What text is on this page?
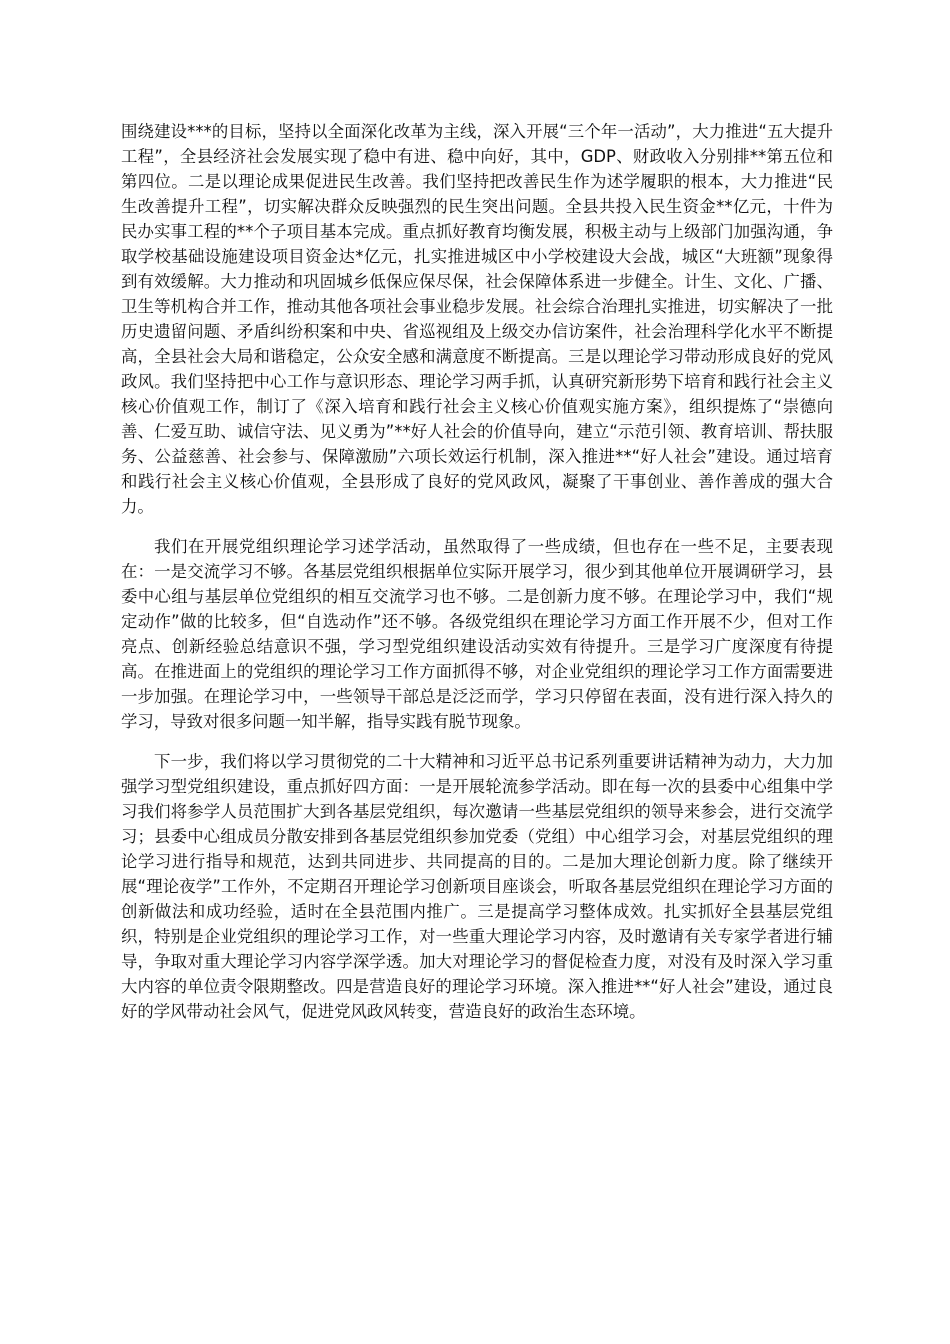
围绕建设***的目标，坚持以全面深化改革为主线，深入开展“三个年一活动”，大力推进“五大提升工程”，全县经济社会发展实现了稳中有进、稳中向好，其中，GDP、财政收入分别排**第五位和第四位。二是以理论成果促进民生改善。我们坚持把改善民生作为述学履职的根本，大力推进“民生改善提升工程”，切实解决群众反映强烈的民生突出问题。全县共投入民生资金**亿元，十件为民办实事工程的**个子项目基本完成。重点抓好教育均衡发展，积极主动与上级部门加强沟通，争取学校基础设施建设项目资金达*亿元，扎实推进城区中小学校建设大会战，城区“大班额”现象得到有效缓解。大力推动和巩固城乡低保应保尽保，社会保障体系进一步健全。计生、文化、广播、卫生等机构合并工作，推动其他各项社会事业稳步发展。社会综合治理扎实推进，切实解决了一批历史遗留问题、矛盾纠纷积案和中央、省巡视组及上级交办信访案件，社会治理科学化水平不断提高，全县社会大局和谐稳定，公众安全感和满意度不断提高。三是以理论学习带动形成良好的党风政风。我们坚持把中心工作与意识形态、理论学习两手抓，认真研究新形势下培育和践行社会主义核心价值观工作，制订了《深入培育和践行社会主义核心价值观实施方案》，组织提炼了“崇德向善、仁爱互助、诚信守法、见义勇为”**好人社会的价值导向，建立“示范引领、教育培训、帮扶服务、公益慈善、社会参与、保障激励”六项长效运行机制，深入推进**“好人社会”建设。通过培育和践行社会主义核心价值观，全县形成了良好的党风政风，凝聚了干事创业、善作善成的强大合力。

我们在开展党组织理论学习述学活动，虽然取得了一些成绩，但也存在一些不足，主要表现在：一是交流学习不够。各基层党组织根据单位实际开展学习，很少到其他单位开展调研学习，县委中心组与基层单位党组织的相互交流学习也不够。二是创新力度不够。在理论学习中，我们“规定动作”做的比较多，但“自选动作”还不够。各级党组织在理论学习方面工作开展不少，但对工作亮点、创新经验总结意识不强，学习型党组织建设活动实效有待提升。三是学习广度深度有待提高。在推进面上的党组织的理论学习工作方面抓得不够，对企业党组织的理论学习工作方面需要进一步加强。在理论学习中，一些领导干部总是泛泛而学，学习只停留在表面，没有进行深入持久的学习，导致对很多问题一知半解，指导实践有脱节现象。

下一步，我们将以学习贯彻党的二十大精神和习近平总书记系列重要讲话精神为动力，大力加强学习型党组织建设，重点抓好四方面：一是开展轮流参学活动。即在每一次的县委中心组集中学习我们将参学人员范围扩大到各基层党组织，每次邀请一些基层党组织的领导来参会，进行交流学习；县委中心组成员分散安排到各基层党组织参加党委（党组）中心组学习会，对基层党组织的理论学习进行指导和规范，达到共同进步、共同提高的目的。二是加大理论创新力度。除了继续开展“理论夜学”工作外，不定期召开理论学习创新项目座谈会，听取各基层党组织在理论学习方面的创新做法和成功经验，适时在全县范围内推广。三是提高学习整体成效。扎实抓好全县基层党组织，特别是企业党组织的理论学习工作，对一些重大理论学习内容，及时邀请有关专家学者进行辅导，争取对重大理论学习内容学深学透。加大对理论学习的督促检查力度，对没有及时深入学习重大内容的单位责令限期整改。四是营造良好的理论学习环境。深入推进**“好人社会”建设，通过良好的学风带动社会风气，促进党风政风转变，营造良好的政治生态环境。
